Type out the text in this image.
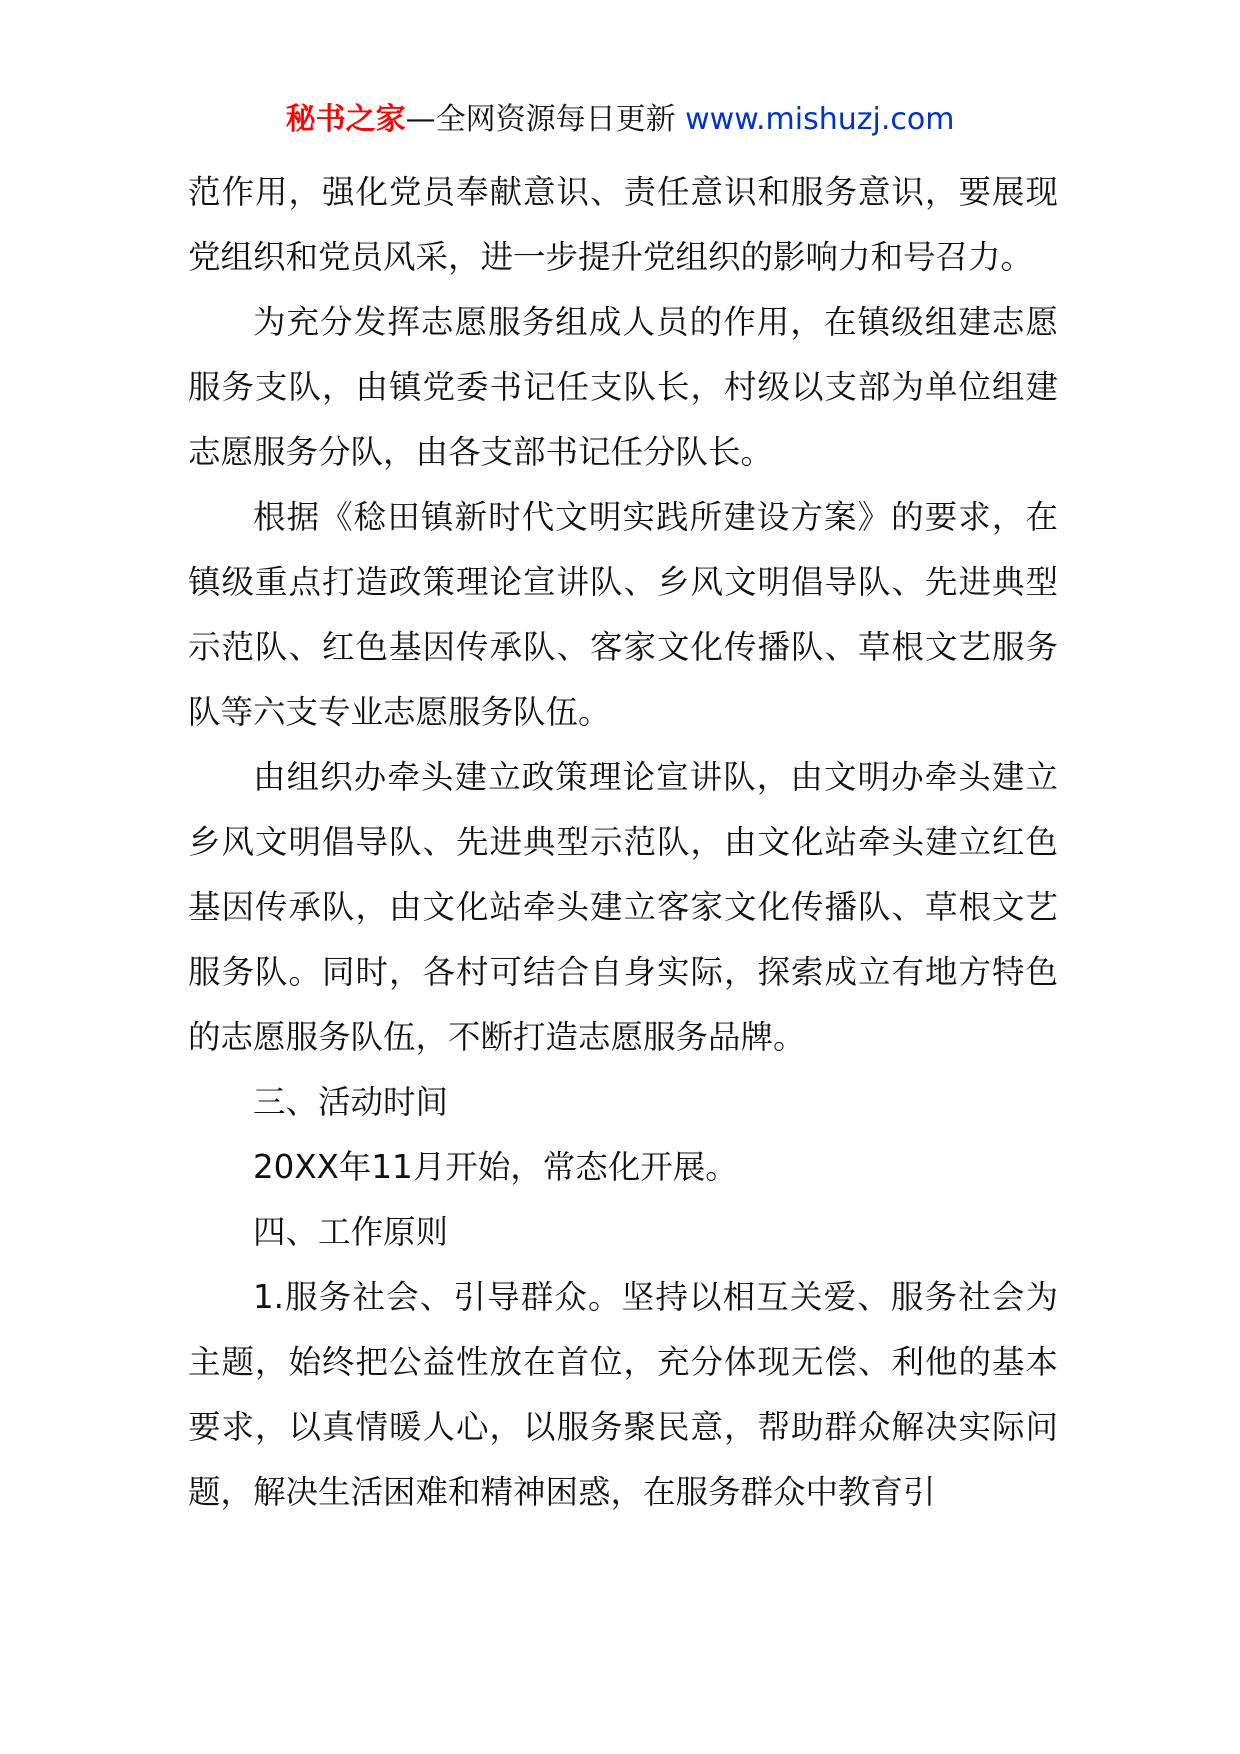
秘书之家—全网资源每日更新 www.mishuzj.com

范作用，强化党员奉献意识、责任意识和服务意识，要展现党组织和党员风采，进一步提升党组织的影响力和号召力。

为充分发挥志愿服务组成人员的作用，在镇级组建志愿服务支队，由镇党委书记任支队长，村级以支部为单位组建志愿服务分队，由各支部书记任分队长。

根据《稔田镇新时代文明实践所建设方案》的要求，在镇级重点打造政策理论宣讲队、乡风文明倡导队、先进典型示范队、红色基因传承队、客家文化传播队、草根文艺服务队等六支专业志愿服务队伍。

由组织办牵头建立政策理论宣讲队，由文明办牵头建立乡风文明倡导队、先进典型示范队，由文化站牵头建立红色基因传承队，由文化站牵头建立客家文化传播队、草根文艺服务队。同时，各村可结合自身实际，探索成立有地方特色的志愿服务队伍，不断打造志愿服务品牌。

三、活动时间

20XX年11月开始，常态化开展。

四、工作原则

1.服务社会、引导群众。坚持以相互关爱、服务社会为主题，始终把公益性放在首位，充分体现无偿、利他的基本要求，以真情暖人心，以服务聚民意，帮助群众解决实际问题，解决生活困难和精神困惑，在服务群众中教育引
